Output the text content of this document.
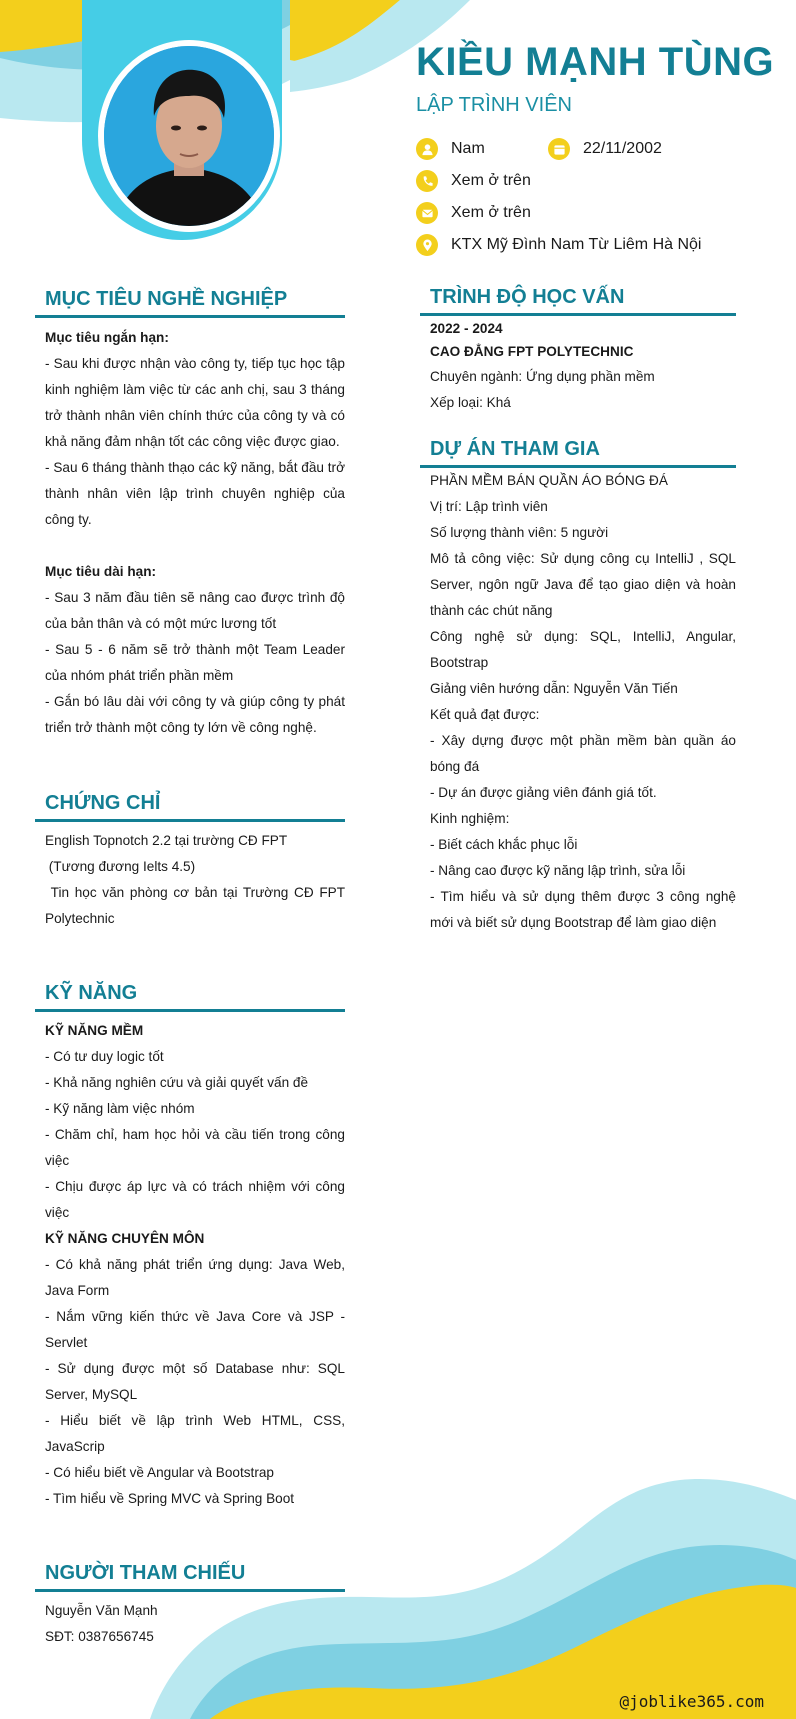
KIỀU MẠNH TÙNG
LẬP TRÌNH VIÊN
Nam	22/11/2002
Xem ở trên
Xem ở trên
KTX Mỹ Đình Nam Từ Liêm Hà Nội
MỤC TIÊU NGHỀ NGHIỆP

Mục tiêu ngắn hạn:

- Sau khi được nhận vào công ty, tiếp tục học tập kinh nghiệm làm việc từ các anh chị, sau 3 tháng trở thành nhân viên chính thức của công ty và có khả năng đảm nhận tốt các công việc được giao.

- Sau 6 tháng thành thạo các kỹ năng, bắt đầu trở thành nhân viên lập trình chuyên nghiệp của công ty.

Mục tiêu dài hạn:

- Sau 3 năm đầu tiên sẽ nâng cao được trình độ của bản thân và có một mức lương tốt

- Sau 5 - 6 năm sẽ trở thành một Team Leader của nhóm phát triển phần mềm

- Gắn bó lâu dài với công ty và giúp công ty phát triển trở thành một công ty lớn về công nghệ.

CHỨNG CHỈ

English Topnotch 2.2 tại trường CĐ FPT

(Tương đương Ielts 4.5)

Tin học văn phòng cơ bản tại Trường CĐ FPT Polytechnic

KỸ NĂNG

KỸ NĂNG MỀM

- Có tư duy logic tốt

- Khả năng nghiên cứu và giải quyết vấn đề

- Kỹ năng làm việc nhóm

- Chăm chỉ, ham học hỏi và cầu tiến trong công việc

- Chịu được áp lực và có trách nhiệm với công việc

KỸ NĂNG CHUYÊN MÔN

- Có khả năng phát triển ứng dụng: Java Web, Java Form

- Nắm vững kiến thức về Java Core và JSP - Servlet

- Sử dụng được một số Database như: SQL Server, MySQL

- Hiểu biết về lập trình Web HTML, CSS, JavaScrip

- Có hiểu biết về Angular và Bootstrap

- Tìm hiểu về Spring MVC và Spring Boot

NGƯỜI THAM CHIẾU

Nguyễn Văn Mạnh

SĐT: 0387656745

TRÌNH ĐỘ HỌC VẤN

2022 - 2024

CAO ĐẲNG FPT POLYTECHNIC

Chuyên ngành: Ứng dụng phần mềm

Xếp loại: Khá

DỰ ÁN THAM GIA

PHẦN MỀM BÁN QUẦN ÁO BÓNG ĐÁ

Vị trí: Lập trình viên

Số lượng thành viên: 5 người

Mô tả công việc: Sử dụng công cụ IntelliJ , SQL Server, ngôn ngữ Java để tạo giao diện và hoàn thành các chút năng

Công nghệ sử dụng: SQL, IntelliJ, Angular, Bootstrap

Giảng viên hướng dẫn: Nguyễn Văn Tiến

Kết quả đạt được:

- Xây dựng được một phần mềm bàn quần áo bóng đá

- Dự án được giảng viên đánh giá tốt.

Kinh nghiệm:

- Biết cách khắc phục lỗi

- Nâng cao được kỹ năng lập trình, sửa lỗi

- Tìm hiểu và sử dụng thêm được 3 công nghệ mới và biết sử dụng Bootstrap để làm giao diện

@joblike365.com
